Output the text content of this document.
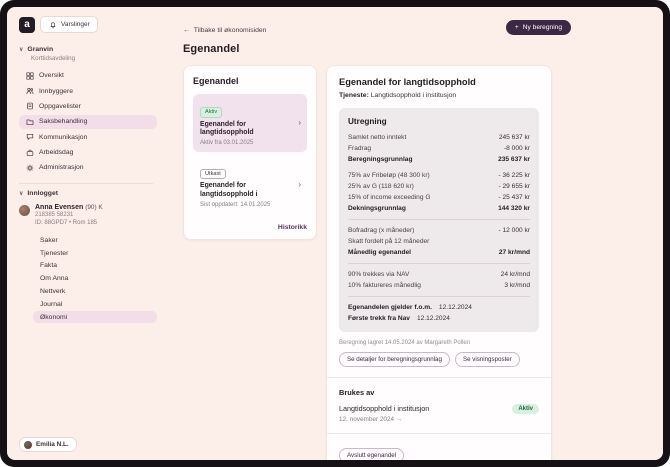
a	Varslinger
∨ Granvin
Korttidsavdeling
Oversikt
Innbyggere
Oppgavelister
Saksbehandling
Kommunikasjon
Arbeidsdag
Administrasjon
∨ Innlogget
Anna Evensen (90) K
218385 58231
ID: 88GPD7 • Rom 185
Saker
Tjenester
Fakta
Om Anna
Nettverk
Journal
Økonomi
Emilia N.L.
← Tilbake til økonomisiden
Egenandel
+ Ny beregning
Egenandel
Aktiv
Egenandel for langtidsopphold
Aktiv fra 03.01.2025
›
Utkast
Egenandel for langtidsopphold i
Sist oppdatert: 14.01.2025
›
Historikk
Egenandel for langtidsopphold
Tjeneste: Langtidsopphold i institusjon
Utregning
Samlet netto inntekt	245 637 kr
Fradrag	-8 000 kr
Beregningsgrunnlag	235 637 kr
75% av Fribeløp (48 300 kr)	- 36 225 kr
25% av G (118 620 kr)	- 29 655 kr
15% of income exceeding G	- 25 437 kr
Dekningsgrunnlag	144 320 kr
Bofradrag (x måneder)	- 12 000 kr
Skatt fordelt på 12 måneder
Månedlig egenandel	27 kr/mnd
90% trekkes via NAV	24 kr/mnd
10% faktureres månedlig	3 kr/mnd
Egenandelen gjelder f.o.m. 12.12.2024
Første trekk fra Nav 12.12.2024
Beregning lagret 14.05.2024 av Margareth Pollen
Se detaljer for beregningsgrunnlag	Se visningsposter
Brukes av
Langtidsopphold i institusjon
12. november 2024 →
Aktiv
Avslutt egenandel
